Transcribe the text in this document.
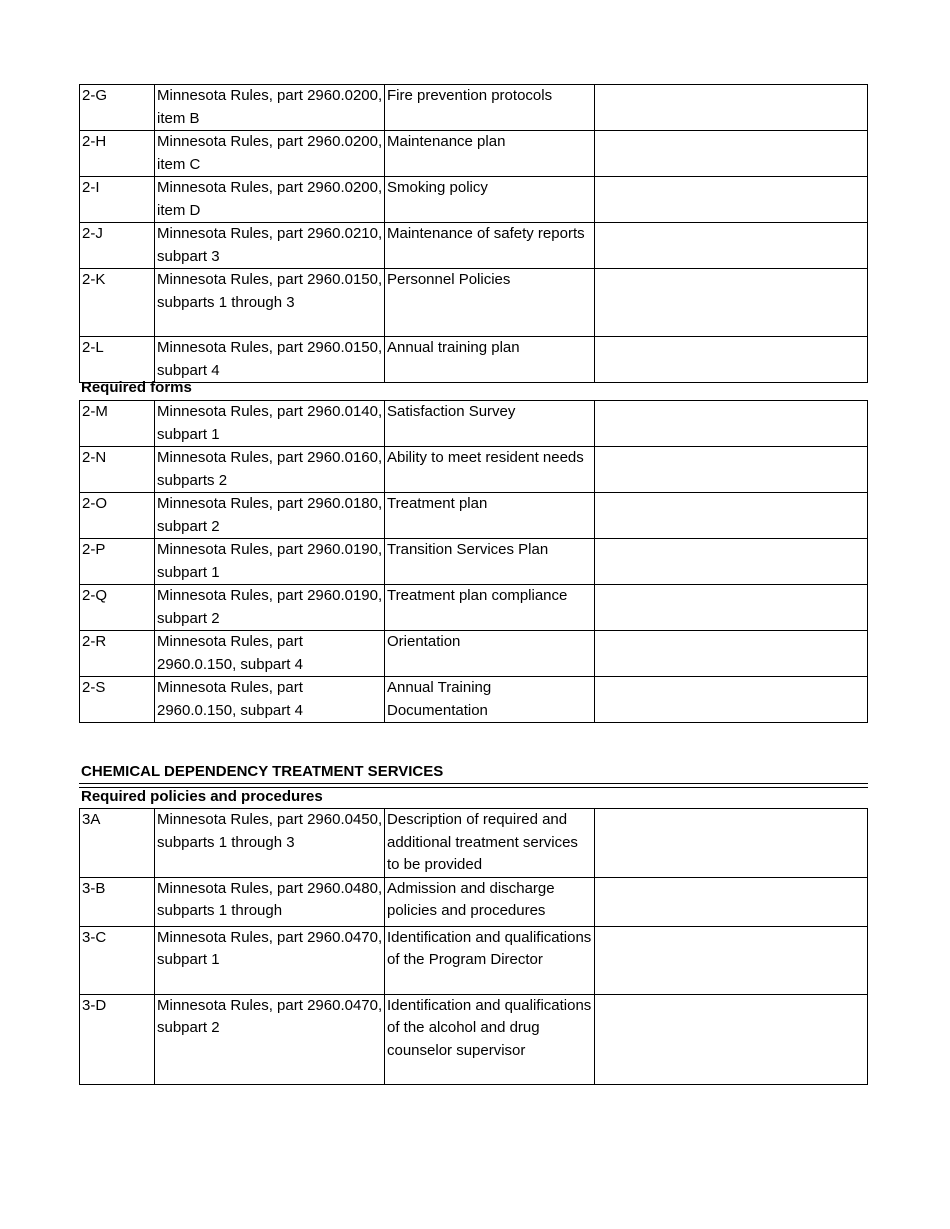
2-G	Minnesota Rules, part 2960.0200, item B	Fire prevention protocols	
2-H	Minnesota Rules, part 2960.0200, item C	Maintenance plan	
2-I	Minnesota Rules, part 2960.0200, item D	Smoking policy	
2-J	Minnesota Rules, part 2960.0210, subpart 3	Maintenance of safety reports	
2-K	Minnesota Rules, part 2960.0150, subparts 1 through 3	Personnel Policies	
2-L	Minnesota Rules, part 2960.0150, subpart 4	Annual training plan	
Required forms
2-M	Minnesota Rules, part 2960.0140, subpart 1	Satisfaction Survey	
2-N	Minnesota Rules, part 2960.0160, subparts 2	Ability to meet resident needs	
2-O	Minnesota Rules, part 2960.0180, subpart 2	Treatment plan	
2-P	Minnesota Rules, part 2960.0190, subpart 1	Transition Services Plan	
2-Q	Minnesota Rules, part 2960.0190, subpart 2	Treatment plan compliance	
2-R	Minnesota Rules, part 2960.0.150, subpart 4	Orientation	
2-S	Minnesota Rules, part 2960.0.150, subpart 4	Annual Training Documentation	
CHEMICAL DEPENDENCY TREATMENT SERVICES
Required policies and procedures
3A	Minnesota Rules, part 2960.0450, subparts 1 through 3	Description of required and additional treatment services to be provided	
3-B	Minnesota Rules, part 2960.0480, subparts 1 through	Admission and discharge policies and procedures	
3-C	Minnesota Rules, part 2960.0470, subpart 1	Identification and qualifications of the Program Director	
3-D	Minnesota Rules, part 2960.0470, subpart 2	Identification and qualifications of the alcohol and drug counselor supervisor	
